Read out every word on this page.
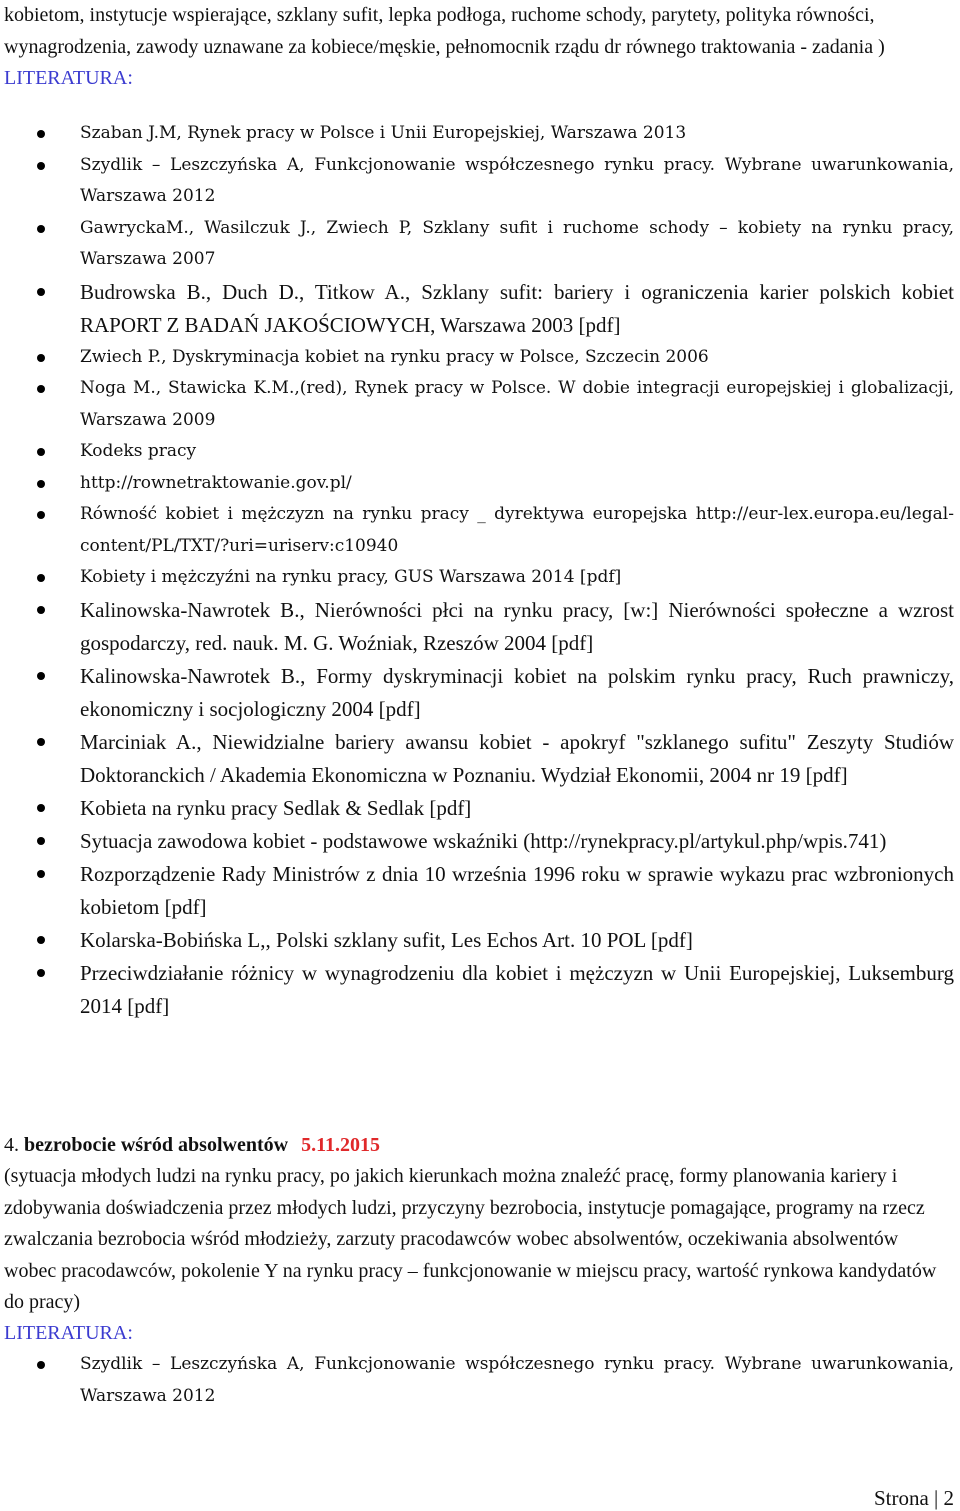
kobietom, instytucje wspierające, szklany sufit, lepka podłoga, ruchome schody, parytety, polityka równości, wynagrodzenia, zawody uznawane za kobiece/męskie, pełnomocnik rządu dr równego traktowania - zadania )
LITERATURA:
Szaban J.M, Rynek pracy w Polsce i Unii Europejskiej, Warszawa 2013
Szydlik – Leszczyńska A, Funkcjonowanie współczesnego rynku pracy. Wybrane uwarunkowania, Warszawa 2012
GawryckaM., Wasilczuk J., Zwiech P, Szklany sufit i ruchome schody – kobiety na rynku pracy, Warszawa 2007
Budrowska B., Duch D., Titkow A., Szklany sufit: bariery i ograniczenia karier polskich kobiet RAPORT Z BADAŃ JAKOŚCIOWYCH, Warszawa 2003 [pdf]
Zwiech P., Dyskryminacja kobiet na rynku pracy w Polsce, Szczecin 2006
Noga M., Stawicka K.M.,(red), Rynek pracy w Polsce. W dobie integracji europejskiej i globalizacji, Warszawa 2009
Kodeks pracy
http://rownetraktowanie.gov.pl/
Równość kobiet i mężczyzn na rynku pracy _ dyrektywa europejska http://eur-lex.europa.eu/legal-content/PL/TXT/?uri=uriserv:c10940
Kobiety i mężczyźni na rynku pracy, GUS Warszawa 2014 [pdf]
Kalinowska-Nawrotek B., Nierówności płci na rynku pracy, [w:] Nierówności społeczne a wzrost gospodarczy, red. nauk. M. G. Woźniak, Rzeszów 2004 [pdf]
Kalinowska-Nawrotek B., Formy dyskryminacji kobiet na polskim rynku pracy, Ruch prawniczy, ekonomiczny i socjologiczny 2004 [pdf]
Marciniak A., Niewidzialne bariery awansu kobiet - apokryf "szklanego sufitu" Zeszyty Studiów Doktoranckich / Akademia Ekonomiczna w Poznaniu. Wydział Ekonomii, 2004 nr 19 [pdf]
Kobieta na rynku pracy Sedlak & Sedlak [pdf]
Sytuacja zawodowa kobiet - podstawowe wskaźniki (http://rynekpracy.pl/artykul.php/wpis.741)
Rozporządzenie Rady Ministrów z dnia 10 września 1996 roku w sprawie wykazu prac wzbronionych kobietom [pdf]
Kolarska-Bobińska L,, Polski szklany sufit, Les Echos Art. 10 POL [pdf]
Przeciwdziałanie różnicy w wynagrodzeniu dla kobiet i mężczyzn w Unii Europejskiej, Luksemburg 2014 [pdf]
4. bezrobocie wśród absolwentów 5.11.2015
(sytuacja młodych ludzi na rynku pracy, po jakich kierunkach można znaleźć pracę, formy planowania kariery i zdobywania doświadczenia przez młodych ludzi, przyczyny bezrobocia, instytucje pomagające, programy na rzecz zwalczania bezrobocia wśród młodzieży, zarzuty pracodawców wobec absolwentów, oczekiwania absolwentów wobec pracodawców, pokolenie Y na rynku pracy – funkcjonowanie w miejscu pracy, wartość rynkowa kandydatów do pracy)
LITERATURA:
Szydlik – Leszczyńska A, Funkcjonowanie współczesnego rynku pracy. Wybrane uwarunkowania, Warszawa 2012
Strona | 2
